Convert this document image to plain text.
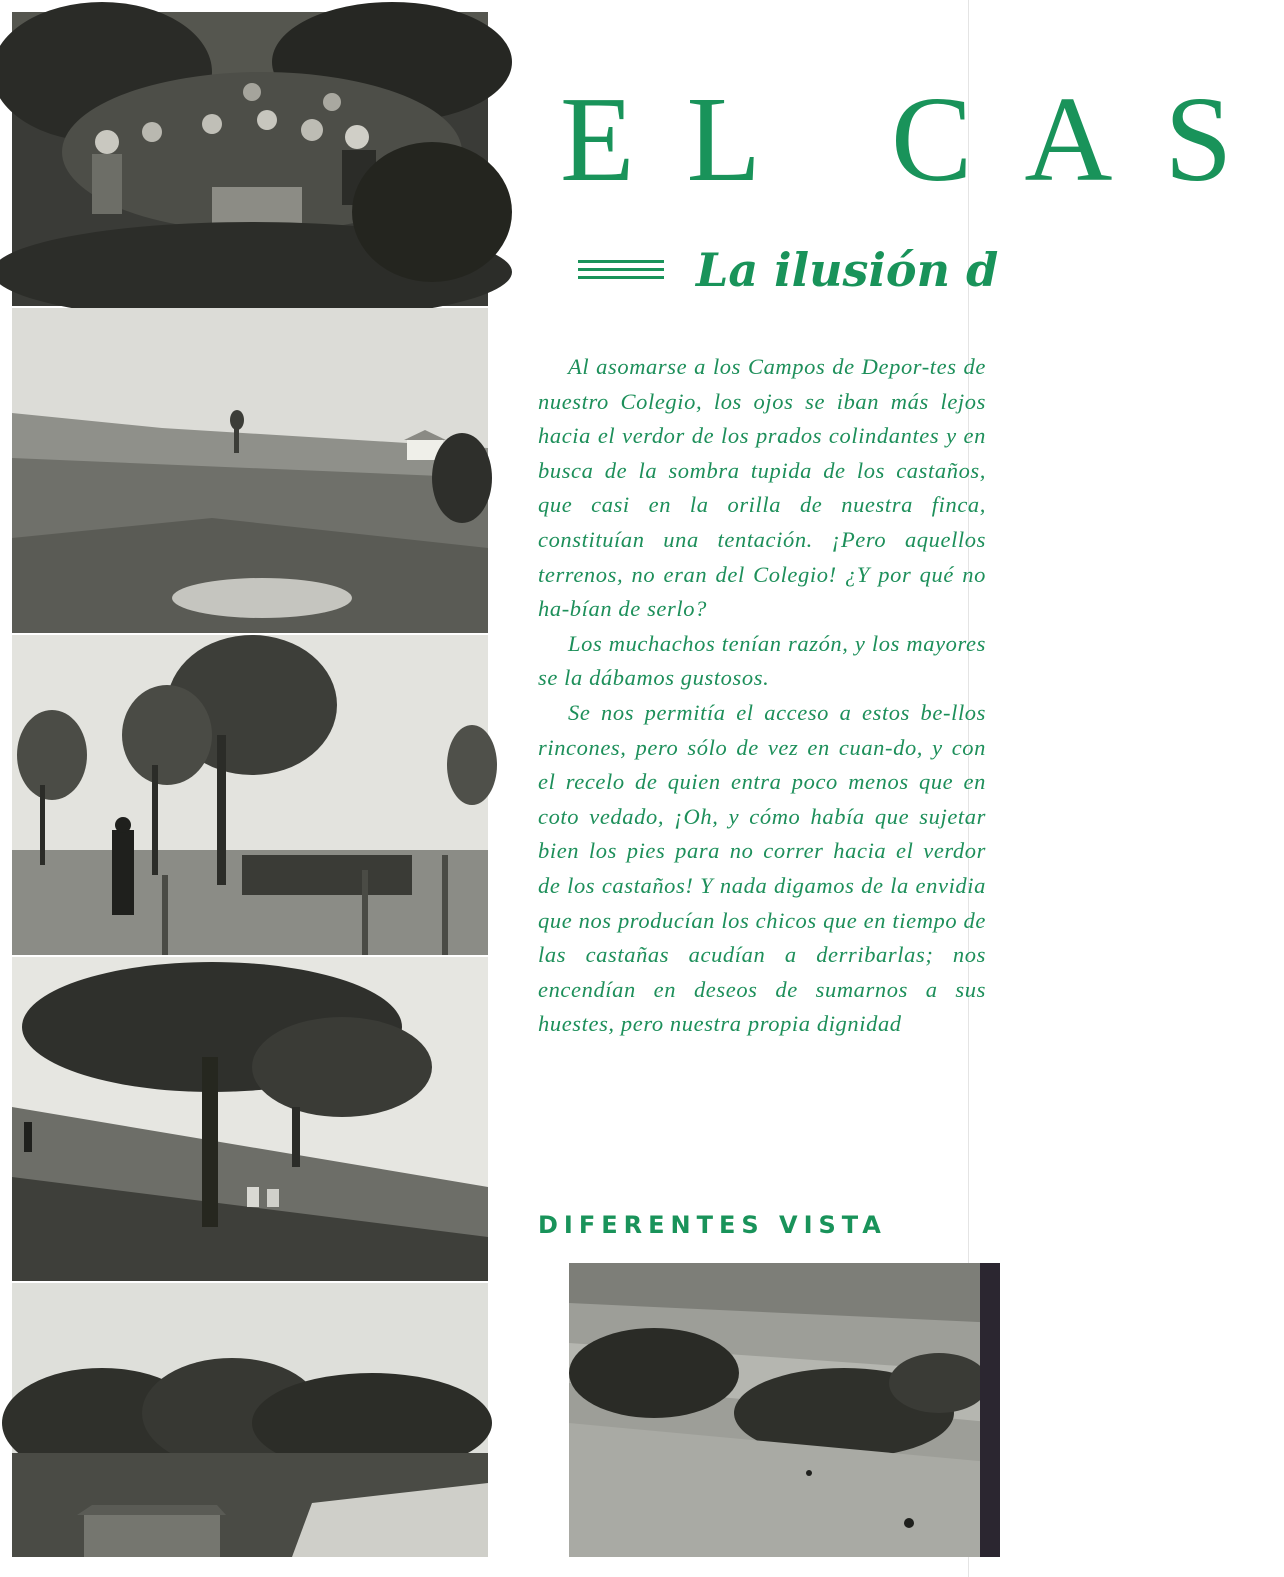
EL CAS
La ilusión d

Al asomarse a los Campos de Depor-tes de nuestro Colegio, los ojos se iban más lejos hacia el verdor de los prados colindantes y en busca de la sombra tupida de los castaños, que casi en la orilla de nuestra finca, constituían una tentación. ¡Pero aquellos terrenos, no eran del Colegio! ¿Y por qué no ha-bían de serlo?

Los muchachos tenían razón, y los mayores se la dábamos gustosos.

Se nos permitía el acceso a estos be-llos rincones, pero sólo de vez en cuan-do, y con el recelo de quien entra poco menos que en coto vedado, ¡Oh, y cómo había que sujetar bien los pies para no correr hacia el verdor de los castaños! Y nada digamos de la envidia que nos producían los chicos que en tiempo de las castañas acudían a derribarlas; nos encendían en deseos de sumarnos a sus huestes, pero nuestra propia dignidad

DIFERENTES VISTA
